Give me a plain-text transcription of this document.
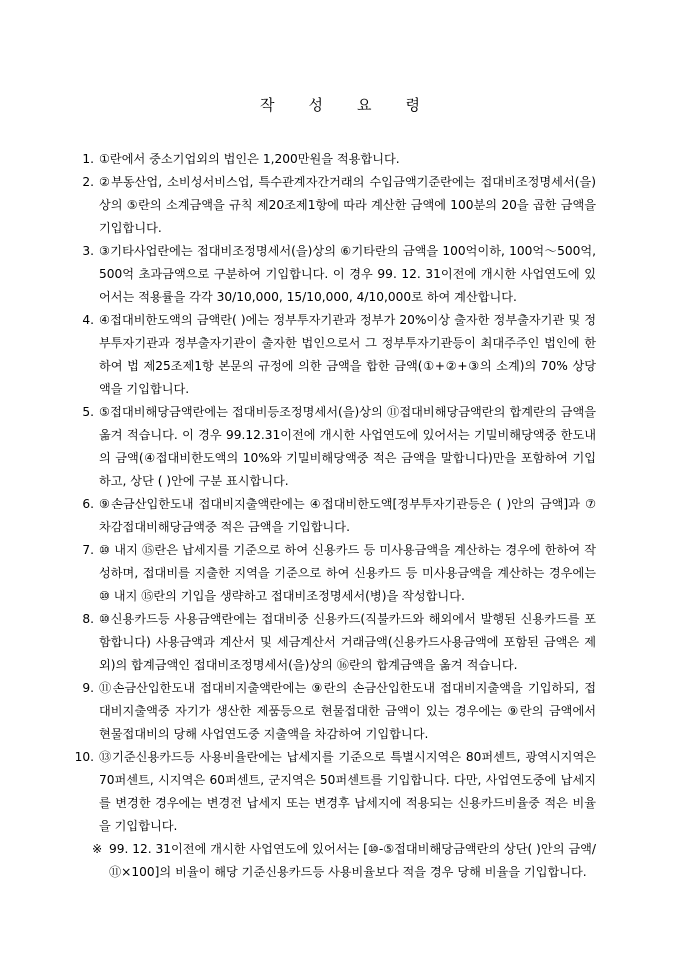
작 성 요 령
1. ①란에서 중소기업외의 법인은 1,200만원을 적용합니다.
2. ②부동산업, 소비성서비스업, 특수관계자간거래의 수입금액기준란에는 접대비조정명세서(을)상의 ⑤란의 소계금액을 규칙 제20조제1항에 따라 계산한 금액에 100분의 20을 곱한 금액을 기입합니다.
3. ③기타사업란에는 접대비조정명세서(을)상의 ⑥기타란의 금액을 100억이하, 100억～500억, 500억 초과금액으로 구분하여 기입합니다. 이 경우 99. 12. 31이전에 개시한 사업연도에 있어서는 적용률을 각각 30/10,000, 15/10,000, 4/10,000로 하여 계산합니다.
4. ④접대비한도액의 금액란( )에는 정부투자기관과 정부가 20%이상 출자한 정부출자기관 및 정부투자기관과 정부출자기관이 출자한 법인으로서 그 정부투자기관등이 최대주주인 법인에 한하여 법 제25조제1항 본문의 규정에 의한 금액을 합한 금액(①+②+③의 소계)의 70% 상당액을 기입합니다.
5. ⑤접대비해당금액란에는 접대비등조정명세서(을)상의 ⑪접대비해당금액란의 합계란의 금액을 옮겨 적습니다. 이 경우 99.12.31이전에 개시한 사업연도에 있어서는 기밀비해당액중 한도내의 금액(④접대비한도액의 10%와 기밀비해당액중 적은 금액을 말합니다)만을 포함하여 기입하고, 상단 ( )안에 구분 표시합니다.
6. ⑨손금산입한도내 접대비지출액란에는 ④접대비한도액[정부투자기관등은 ( )안의 금액]과 ⑦차감접대비해당금액중 적은 금액을 기입합니다.
7. ⑩ 내지 ⑮란은 납세지를 기준으로 하여 신용카드 등 미사용금액을 계산하는 경우에 한하여 작성하며, 접대비를 지출한 지역을 기준으로 하여 신용카드 등 미사용금액을 계산하는 경우에는 ⑩ 내지 ⑮란의 기입을 생략하고 접대비조정명세서(병)을 작성합니다.
8. ⑩신용카드등 사용금액란에는 접대비중 신용카드(직불카드와 해외에서 발행된 신용카드를 포함합니다) 사용금액과 계산서 및 세금계산서 거래금액(신용카드사용금액에 포함된 금액은 제외)의 합계금액인 접대비조정명세서(을)상의 ⑯란의 합계금액을 옮겨 적습니다.
9. ⑪손금산입한도내 접대비지출액란에는 ⑨란의 손금산입한도내 접대비지출액을 기입하되, 접대비지출액중 자기가 생산한 제품등으로 현물접대한 금액이 있는 경우에는 ⑨란의 금액에서 현물접대비의 당해 사업연도중 지출액을 차감하여 기입합니다.
10. ⑬기준신용카드등 사용비율란에는 납세지를 기준으로 특별시지역은 80퍼센트, 광역시지역은 70퍼센트, 시지역은 60퍼센트, 군지역은 50퍼센트를 기입합니다. 다만, 사업연도중에 납세지를 변경한 경우에는 변경전 납세지 또는 변경후 납세지에 적용되는 신용카드비율중 적은 비율을 기입합니다.
※ 99. 12. 31이전에 개시한 사업연도에 있어서는 [⑩-⑤접대비해당금액란의 상단( )안의 금액/⑪×100]의 비율이 해당 기준신용카드등 사용비율보다 적을 경우 당해 비율을 기입합니다.
